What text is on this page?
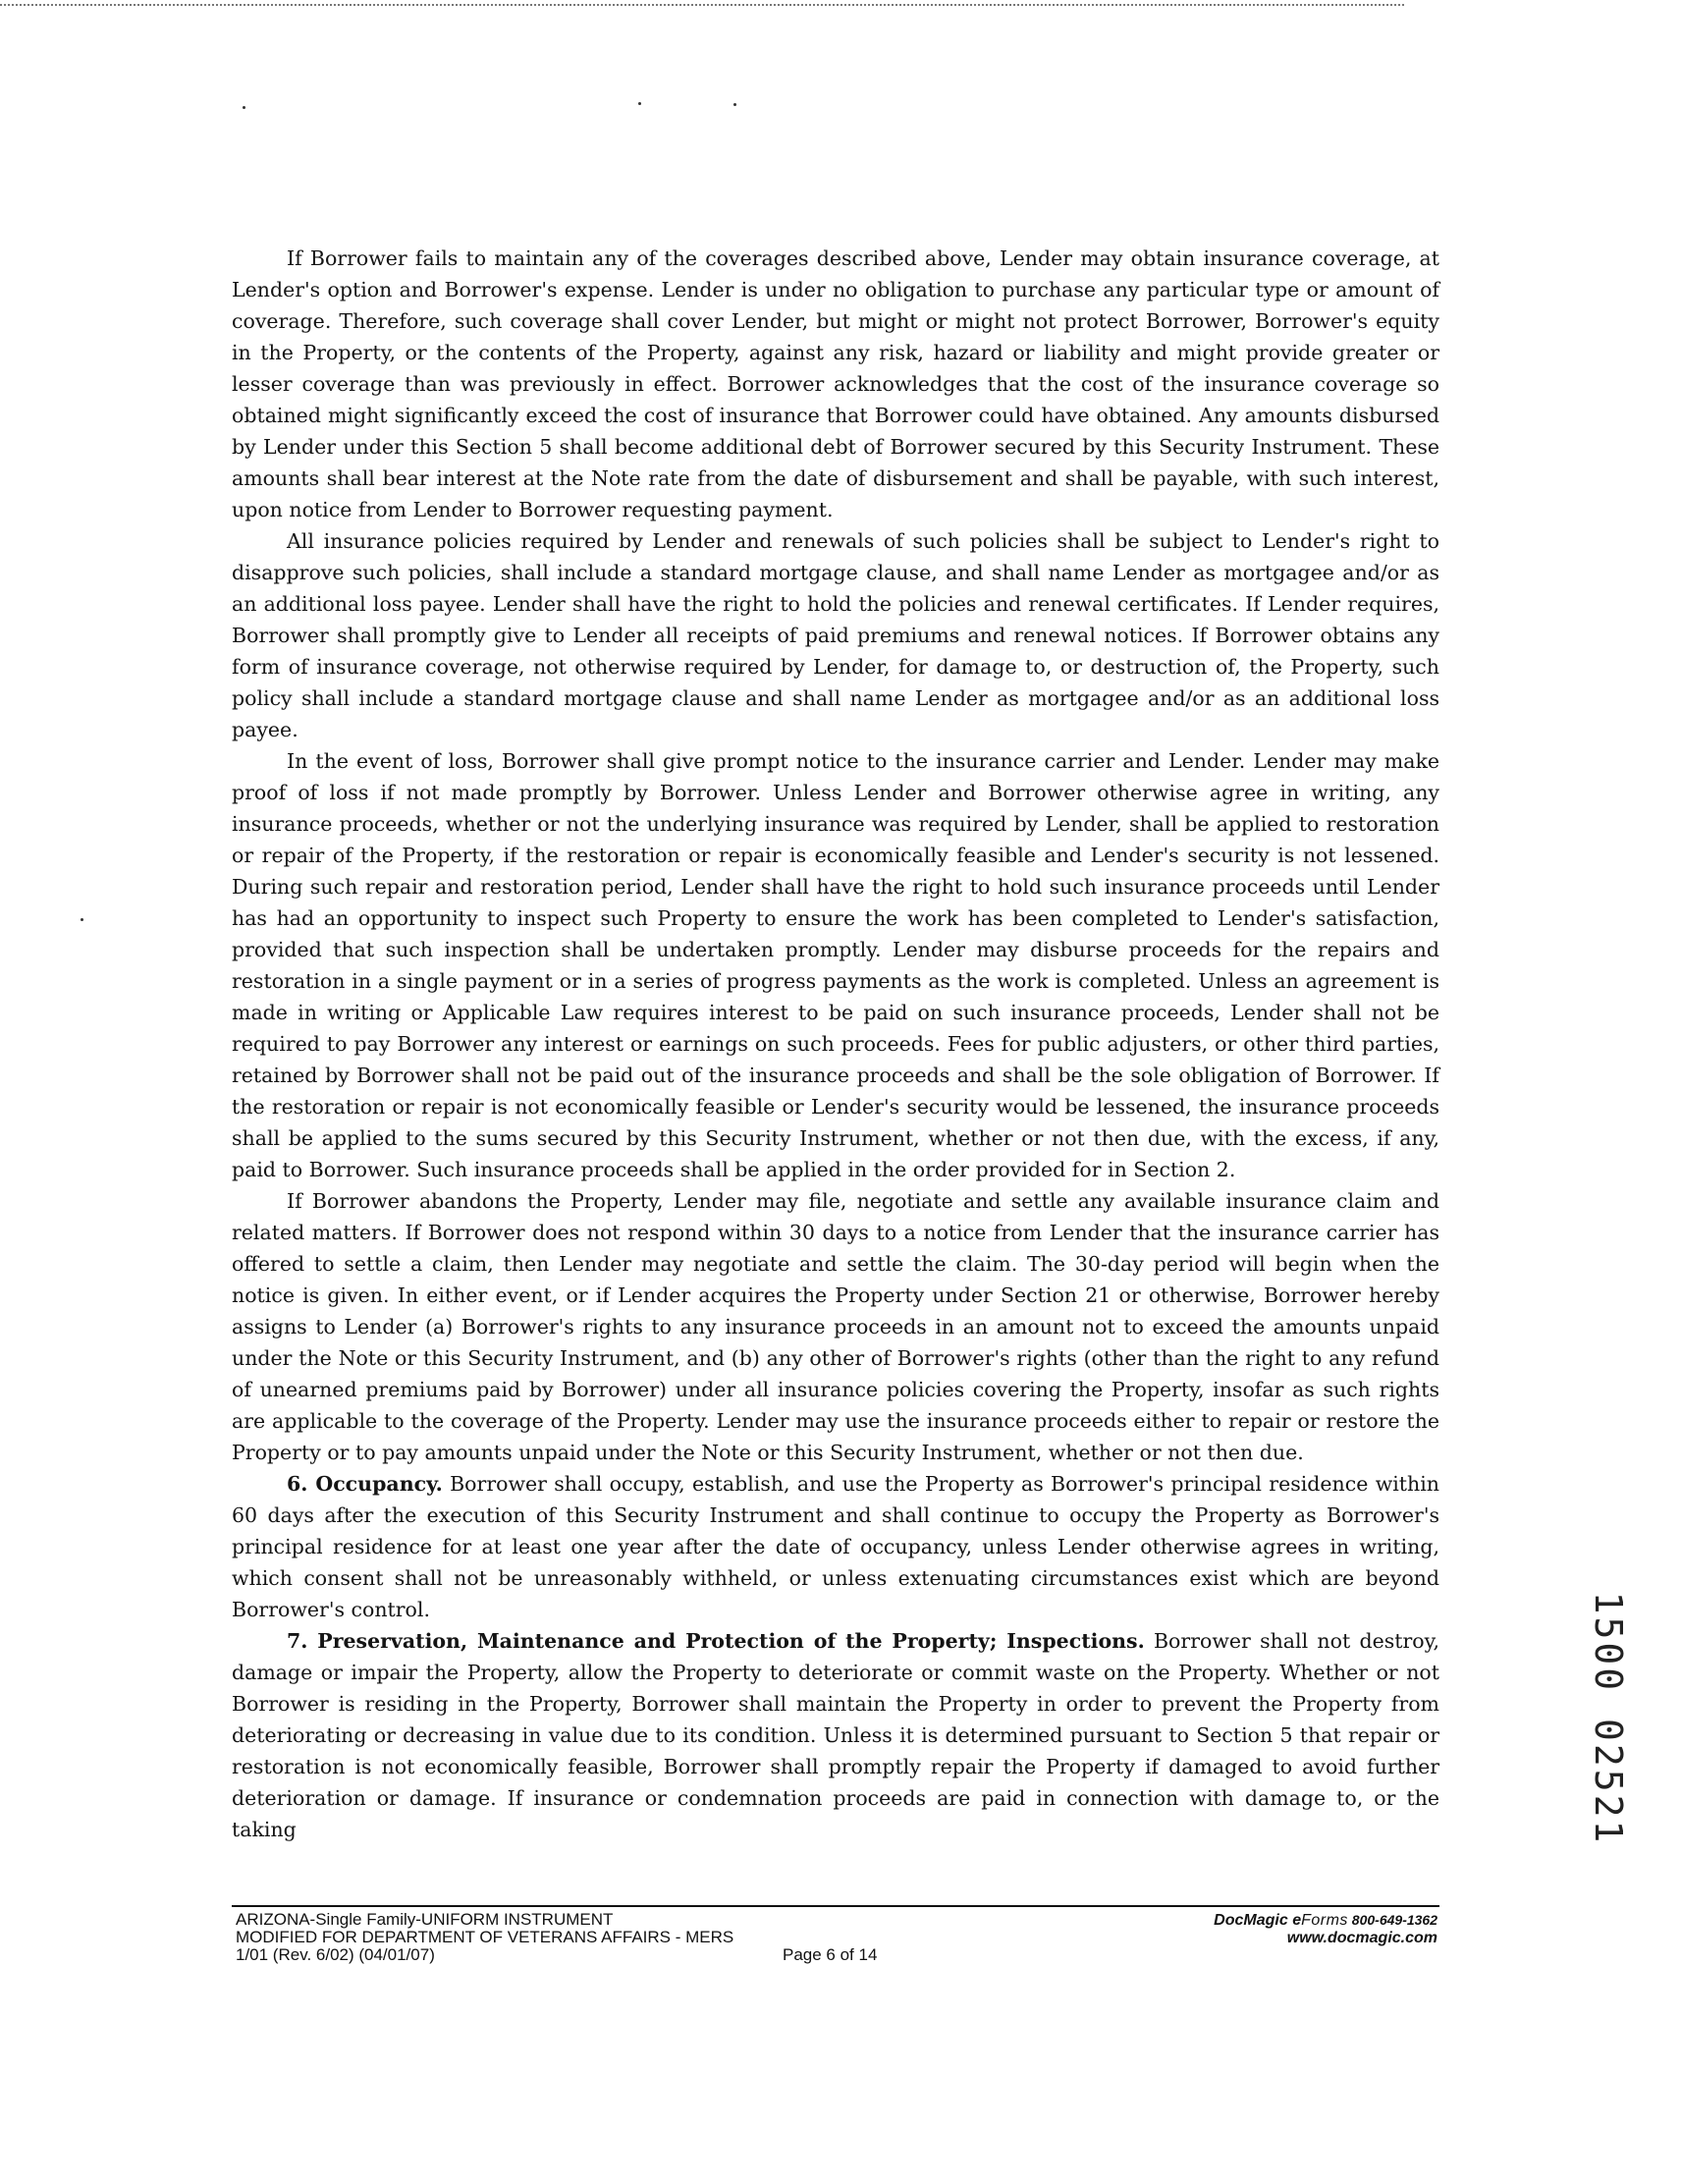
If Borrower fails to maintain any of the coverages described above, Lender may obtain insurance coverage, at Lender's option and Borrower's expense. Lender is under no obligation to purchase any particular type or amount of coverage. Therefore, such coverage shall cover Lender, but might or might not protect Borrower, Borrower's equity in the Property, or the contents of the Property, against any risk, hazard or liability and might provide greater or lesser coverage than was previously in effect. Borrower acknowledges that the cost of the insurance coverage so obtained might significantly exceed the cost of insurance that Borrower could have obtained. Any amounts disbursed by Lender under this Section 5 shall become additional debt of Borrower secured by this Security Instrument. These amounts shall bear interest at the Note rate from the date of disbursement and shall be payable, with such interest, upon notice from Lender to Borrower requesting payment.

All insurance policies required by Lender and renewals of such policies shall be subject to Lender's right to disapprove such policies, shall include a standard mortgage clause, and shall name Lender as mortgagee and/or as an additional loss payee. Lender shall have the right to hold the policies and renewal certificates. If Lender requires, Borrower shall promptly give to Lender all receipts of paid premiums and renewal notices. If Borrower obtains any form of insurance coverage, not otherwise required by Lender, for damage to, or destruction of, the Property, such policy shall include a standard mortgage clause and shall name Lender as mortgagee and/or as an additional loss payee.

In the event of loss, Borrower shall give prompt notice to the insurance carrier and Lender. Lender may make proof of loss if not made promptly by Borrower. Unless Lender and Borrower otherwise agree in writing, any insurance proceeds, whether or not the underlying insurance was required by Lender, shall be applied to restoration or repair of the Property, if the restoration or repair is economically feasible and Lender's security is not lessened. During such repair and restoration period, Lender shall have the right to hold such insurance proceeds until Lender has had an opportunity to inspect such Property to ensure the work has been completed to Lender's satisfaction, provided that such inspection shall be undertaken promptly. Lender may disburse proceeds for the repairs and restoration in a single payment or in a series of progress payments as the work is completed. Unless an agreement is made in writing or Applicable Law requires interest to be paid on such insurance proceeds, Lender shall not be required to pay Borrower any interest or earnings on such proceeds. Fees for public adjusters, or other third parties, retained by Borrower shall not be paid out of the insurance proceeds and shall be the sole obligation of Borrower. If the restoration or repair is not economically feasible or Lender's security would be lessened, the insurance proceeds shall be applied to the sums secured by this Security Instrument, whether or not then due, with the excess, if any, paid to Borrower. Such insurance proceeds shall be applied in the order provided for in Section 2.

If Borrower abandons the Property, Lender may file, negotiate and settle any available insurance claim and related matters. If Borrower does not respond within 30 days to a notice from Lender that the insurance carrier has offered to settle a claim, then Lender may negotiate and settle the claim. The 30-day period will begin when the notice is given. In either event, or if Lender acquires the Property under Section 21 or otherwise, Borrower hereby assigns to Lender (a) Borrower's rights to any insurance proceeds in an amount not to exceed the amounts unpaid under the Note or this Security Instrument, and (b) any other of Borrower's rights (other than the right to any refund of unearned premiums paid by Borrower) under all insurance policies covering the Property, insofar as such rights are applicable to the coverage of the Property. Lender may use the insurance proceeds either to repair or restore the Property or to pay amounts unpaid under the Note or this Security Instrument, whether or not then due.

6. Occupancy. Borrower shall occupy, establish, and use the Property as Borrower's principal residence within 60 days after the execution of this Security Instrument and shall continue to occupy the Property as Borrower's principal residence for at least one year after the date of occupancy, unless Lender otherwise agrees in writing, which consent shall not be unreasonably withheld, or unless extenuating circumstances exist which are beyond Borrower's control.

7. Preservation, Maintenance and Protection of the Property; Inspections. Borrower shall not destroy, damage or impair the Property, allow the Property to deteriorate or commit waste on the Property. Whether or not Borrower is residing in the Property, Borrower shall maintain the Property in order to prevent the Property from deteriorating or decreasing in value due to its condition. Unless it is determined pursuant to Section 5 that repair or restoration is not economically feasible, Borrower shall promptly repair the Property if damaged to avoid further deterioration or damage. If insurance or condemnation proceeds are paid in connection with damage to, or the taking

ARIZONA-Single Family-UNIFORM INSTRUMENT
MODIFIED FOR DEPARTMENT OF VETERANS AFFAIRS - MERS
1/01 (Rev. 6/02) (04/01/07)	Page 6 of 14
DocMagic eForms 800-649-1362
www.docmagic.com
1500 02521
